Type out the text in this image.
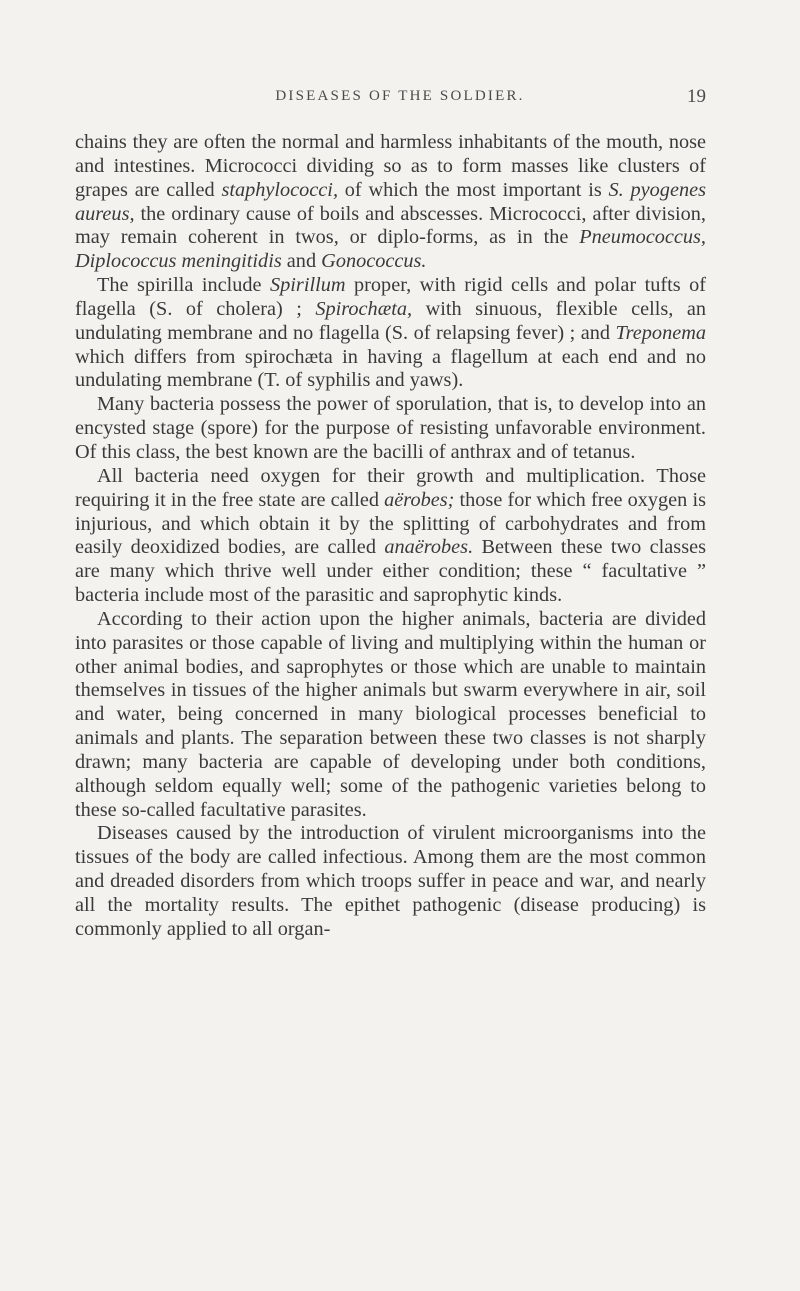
DISEASES OF THE SOLDIER.	19

chains they are often the normal and harmless inhabitants of the mouth, nose and intestines. Micrococci dividing so as to form masses like clusters of grapes are called staphylococci, of which the most important is S. pyogenes aureus, the ordinary cause of boils and abscesses. Micrococci, after division, may remain coherent in twos, or diplo-forms, as in the Pneumococcus, Diplococcus meningitidis and Gonococcus.

The spirilla include Spirillum proper, with rigid cells and polar tufts of flagella (S. of cholera) ; Spirochæta, with sinuous, flexible cells, an undulating membrane and no flagella (S. of relapsing fever) ; and Treponema which differs from spirochæta in having a flagellum at each end and no undulating membrane (T. of syphilis and yaws).

Many bacteria possess the power of sporulation, that is, to develop into an encysted stage (spore) for the purpose of resisting unfavorable environment. Of this class, the best known are the bacilli of anthrax and of tetanus.

All bacteria need oxygen for their growth and multiplication. Those requiring it in the free state are called aërobes; those for which free oxygen is injurious, and which obtain it by the splitting of carbohydrates and from easily deoxidized bodies, are called anaërobes. Between these two classes are many which thrive well under either condition; these “ facultative ” bacteria include most of the parasitic and saprophytic kinds.

According to their action upon the higher animals, bacteria are divided into parasites or those capable of living and multiplying within the human or other animal bodies, and saprophytes or those which are unable to maintain themselves in tissues of the higher animals but swarm everywhere in air, soil and water, being concerned in many biological processes beneficial to animals and plants. The separation between these two classes is not sharply drawn; many bacteria are capable of developing under both conditions, although seldom equally well; some of the pathogenic varieties belong to these so-called facultative parasites.

Diseases caused by the introduction of virulent microorganisms into the tissues of the body are called infectious. Among them are the most common and dreaded disorders from which troops suffer in peace and war, and nearly all the mortality results. The epithet pathogenic (disease producing) is commonly applied to all organ-
